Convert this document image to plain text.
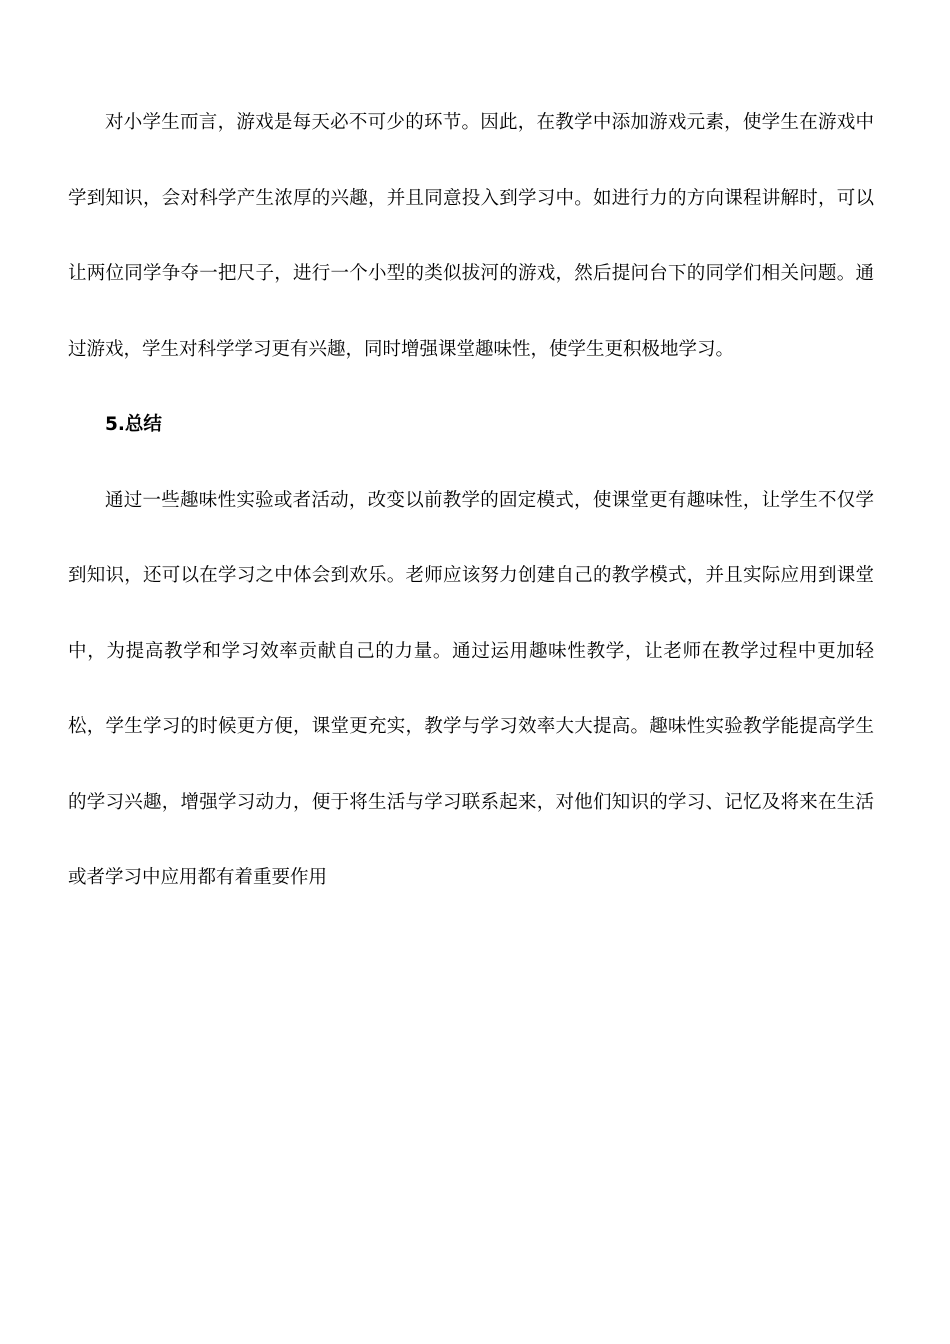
对小学生而言，游戏是每天必不可少的环节。因此，在教学中添加游戏元素，使学生在游戏中学到知识，会对科学产生浓厚的兴趣，并且同意投入到学习中。如进行力的方向课程讲解时，可以让两位同学争夺一把尺子，进行一个小型的类似拔河的游戏，然后提问台下的同学们相关问题。通过游戏，学生对科学学习更有兴趣，同时增强课堂趣味性，使学生更积极地学习。

5.总结

通过一些趣味性实验或者活动，改变以前教学的固定模式，使课堂更有趣味性，让学生不仅学到知识，还可以在学习之中体会到欢乐。老师应该努力创建自己的教学模式，并且实际应用到课堂中，为提高教学和学习效率贡献自己的力量。通过运用趣味性教学，让老师在教学过程中更加轻松，学生学习的时候更方便，课堂更充实，教学与学习效率大大提高。趣味性实验教学能提高学生的学习兴趣，增强学习动力，便于将生活与学习联系起来，对他们知识的学习、记忆及将来在生活或者学习中应用都有着重要作用
